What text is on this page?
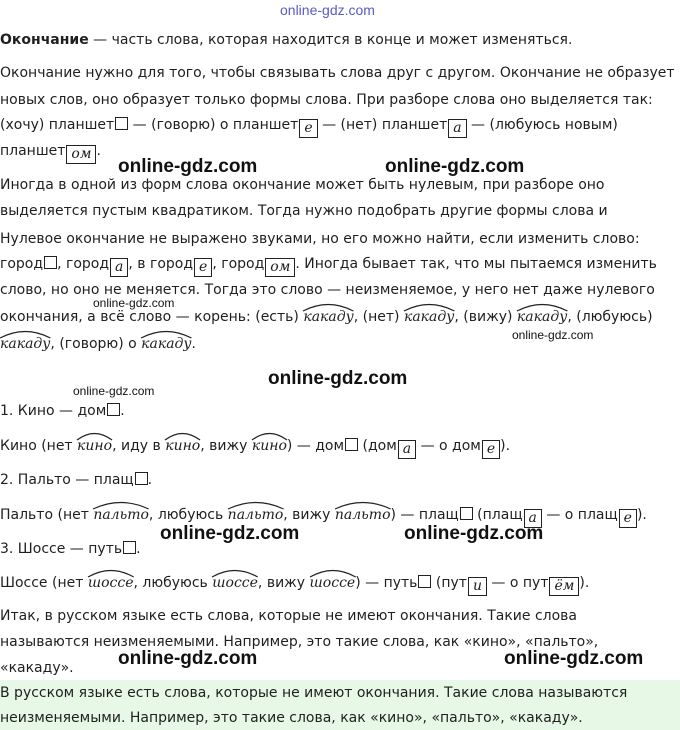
online-gdz.com
Окончание — часть слова, которая находится в конце и может изменяться.
Окончание нужно для того, чтобы связывать слова друг с другом. Окончание не образует
новых слов, оно образует только формы слова. При разборе слова оно выделяется так:
(хочу) планшет — (говорю) о планшет е — (нет) планшет а — (любуюсь новым)
планшет ом .
online-gdz.com	online-gdz.com
Иногда в одной из форм слова окончание может быть нулевым, при разборе оно
выделяется пустым квадратиком. Тогда нужно подобрать другие формы слова и
Нулевое окончание не выражено звуками, но его можно найти, если изменить слово:
город , город а , в город е , город ом . Иногда бывает так, что мы пытаемся изменить
слово, но оно не меняется. Тогда это слово — неизменяемое, у него нет даже нулевого
online-gdz.com
окончания, а всё слово — корень: (есть)
какаду, (нет)
какаду, (вижу)
какаду, (любуюсь)
online-gdz.com
какаду, (говорю) о
какаду.
online-gdz.com
online-gdz.com
1. Кино — дом .
Кино (нет
кино, иду в
кино, вижу
кино) — дом (дом а — о дом е ).
2. Пальто — плащ .
Пальто (нет
пальто, любуюсь
пальто, вижу
пальто) — плащ (плащ а — о плащ е ).
online-gdz.com	online-gdz.com
3. Шоссе — путь .
Шоссе (нет
шоссе, любуюсь
шоссе, вижу
шоссе) — путь (пут и — о пут ём ).
Итак, в русском языке есть слова, которые не имеют окончания. Такие слова
называются неизменяемыми. Например, это такие слова, как «кино», «пальто»,
«какаду». online-gdz.com	online-gdz.com
В русском языке есть слова, которые не имеют окончания. Такие слова называются
неизменяемыми. Например, это такие слова, как «кино», «пальто», «какаду».
